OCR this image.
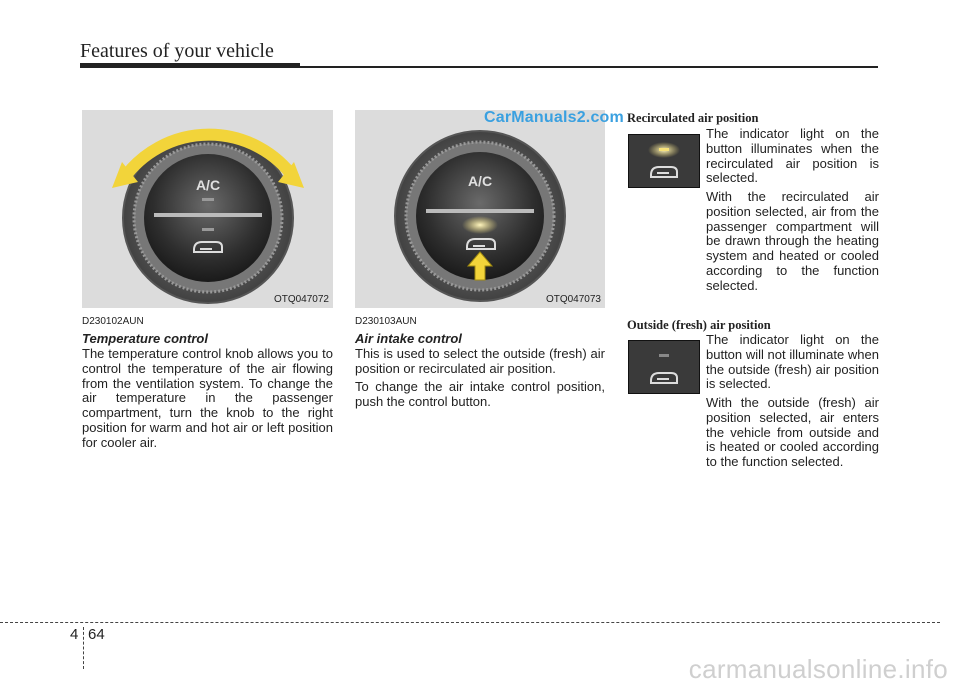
Features of your vehicle
A/C
OTQ047072
A/C
OTQ047073
CarManuals2.com
D230102AUN
Temperature control

The temperature control knob allows you to control the temperature of the air flowing from the ventilation system. To change the air temperature in the passenger compartment, turn the knob to the right position for warm and hot air or left position for cooler air.

D230103AUN
Air intake control

This is used to select the outside (fresh) air position or recirculated air position.

To change the air intake control position, push the control button.

Recirculated air position

The indicator light on the button illuminates when the recirculated air position is selected.

With the recirculated air position selected, air from the passenger compartment will be drawn through the heating system and heated or cooled according to the function selected.

Outside (fresh) air position

The indicator light on the button will not illuminate when the outside (fresh) air position is selected.

With the outside (fresh) air position selected, air enters the vehicle from outside and is heated or cooled according to the function selected.

4 64
carmanualsonline.info
